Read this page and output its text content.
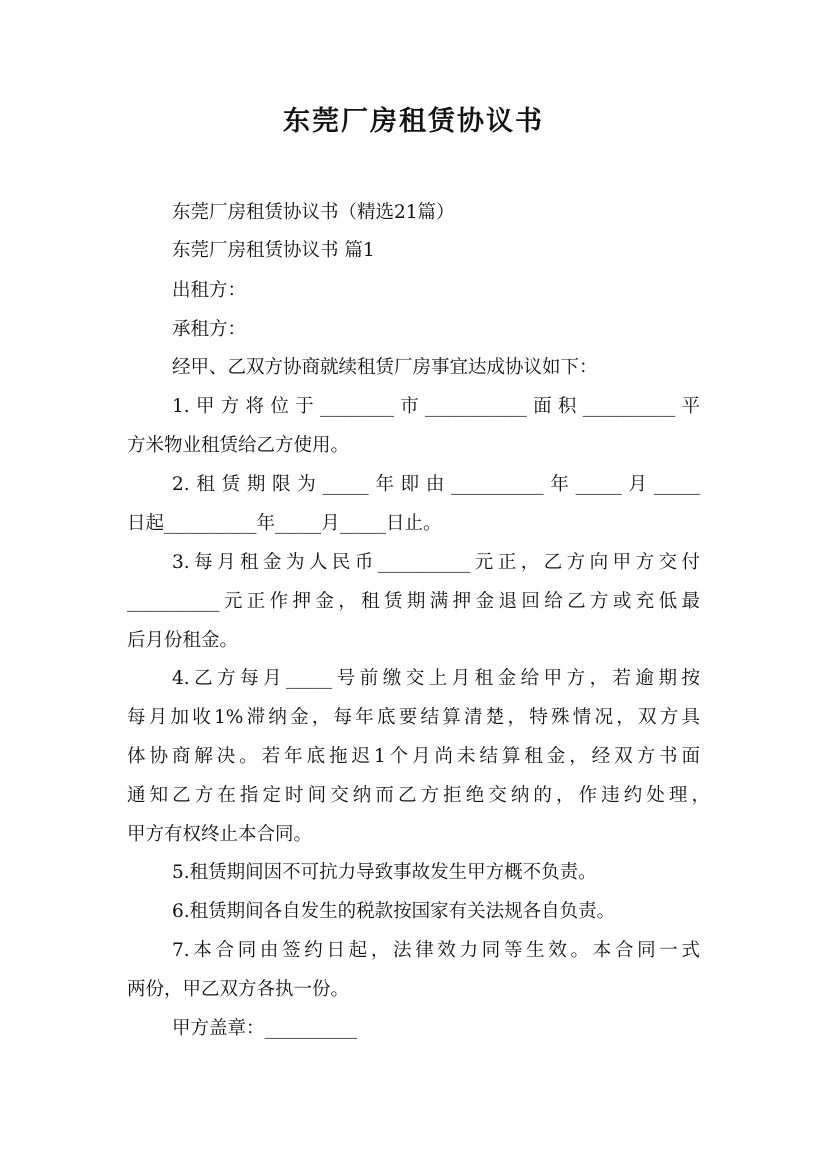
东莞厂房租赁协议书
东莞厂房租赁协议书（精选21篇）
东莞厂房租赁协议书 篇1
出租方：
承租方：
经甲、乙双方协商就续租赁厂房事宜达成协议如下：
1.甲方将位于________市___________面积__________平
方米物业租赁给乙方使用。
2.租赁期限为_____年即由__________年_____月_____
日起__________年_____月_____日止。
3.每月租金为人民币__________元正，乙方向甲方交付
__________元正作押金，租赁期满押金退回给乙方或充低最
后月份租金。
4.乙方每月_____号前缴交上月租金给甲方，若逾期按
每月加收1%滞纳金，每年底要结算清楚，特殊情况，双方具
体协商解决。若年底拖迟1个月尚未结算租金，经双方书面
通知乙方在指定时间交纳而乙方拒绝交纳的，作违约处理，
甲方有权终止本合同。
5.租赁期间因不可抗力导致事故发生甲方概不负责。
6.租赁期间各自发生的税款按国家有关法规各自负责。
7.本合同由签约日起，法律效力同等生效。本合同一式
两份，甲乙双方各执一份。
甲方盖章：__________
